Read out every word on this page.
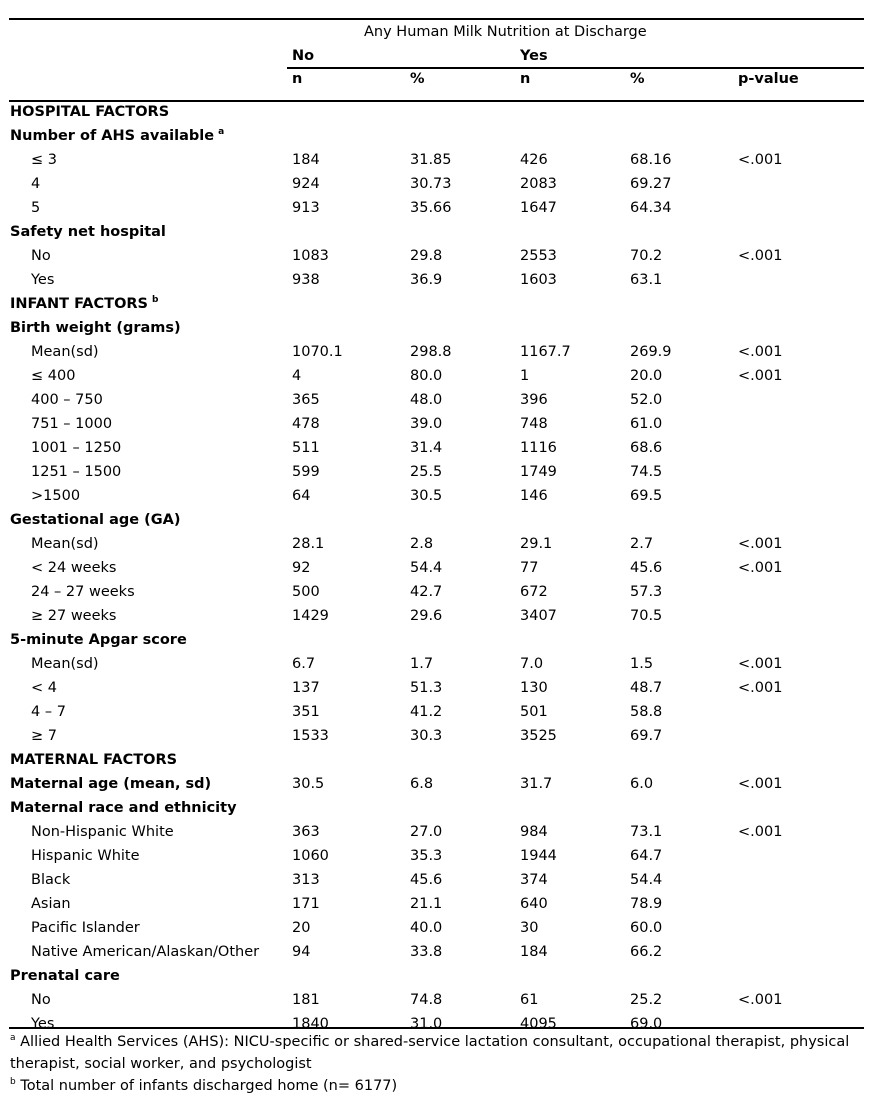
Any Human Milk Nutrition at Discharge
No	Yes
n	%	n	%	p-value
HOSPITAL FACTORS
Number of AHS available $^a$
≤ 3	184	31.85	426	68.16	<.001
4	924	30.73	2083	69.27
5	913	35.66	1647	64.34
Safety net hospital
No	1083	29.8	2553	70.2	<.001
Yes	938	36.9	1603	63.1
INFANT FACTORS $^b$
Birth weight (grams)
Mean(sd)	1070.1	298.8	1167.7	269.9	<.001
≤ 400	4	80.0	1	20.0	<.001
400 – 750	365	48.0	396	52.0
751 – 1000	478	39.0	748	61.0
1001 – 1250	511	31.4	1116	68.6
1251 – 1500	599	25.5	1749	74.5
>1500	64	30.5	146	69.5
Gestational age (GA)
Mean(sd)	28.1	2.8	29.1	2.7	<.001
< 24 weeks	92	54.4	77	45.6	<.001
24 – 27 weeks	500	42.7	672	57.3
≥ 27 weeks	1429	29.6	3407	70.5
5-minute Apgar score
Mean(sd)	6.7	1.7	7.0	1.5	<.001
< 4	137	51.3	130	48.7	<.001
4 – 7	351	41.2	501	58.8
≥ 7	1533	30.3	3525	69.7
MATERNAL FACTORS
Maternal age (mean, sd)	30.5	6.8	31.7	6.0	<.001
Maternal race and ethnicity
Non-Hispanic White	363	27.0	984	73.1	<.001
Hispanic White	1060	35.3	1944	64.7
Black	313	45.6	374	54.4
Asian	171	21.1	640	78.9
Pacific Islander	20	40.0	30	60.0
Native American/Alaskan/Other 94	33.8	184	66.2
Prenatal care
No	181	74.8	61	25.2	<.001
Yes	1840	31.0	4095	69.0
$^a$ Allied Health Services (AHS): NICU-specific or shared-service lactation consultant, occupational therapist, physical therapist, social worker, and psychologist
$^b$ Total number of infants discharged home (n= 6177)
